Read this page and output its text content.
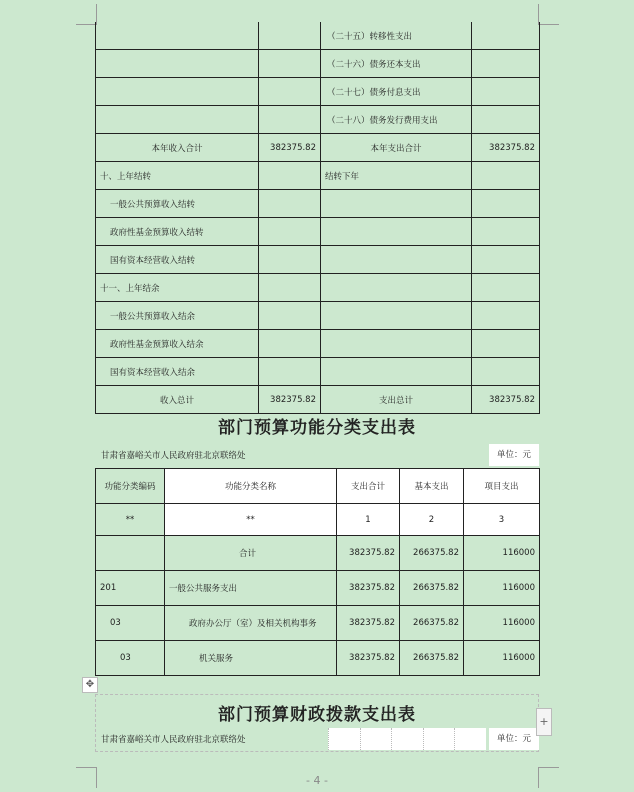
		（二十五）转移性支出	
		（二十六）债务还本支出	
		（二十七）债务付息支出	
		（二十八）债务发行费用支出	
本年收入合计	382375.82	本年支出合计	382375.82
十、上年结转		结转下年	
一般公共预算收入结转			
政府性基金预算收入结转			
国有资本经营收入结转			
十一、上年结余			
一般公共预算收入结余			
政府性基金预算收入结余			
国有资本经营收入结余			
收入总计	382375.82	支出总计	382375.82
部门预算功能分类支出表
甘肃省嘉峪关市人民政府驻北京联络处	单位：元
功能分类编码	功能分类名称	支出合计	基本支出	项目支出
**	**	1	2	3
	合计	382375.82	266375.82	116000
201	一般公共服务支出	382375.82	266375.82	116000
03	政府办公厅（室）及相关机构事务	382375.82	266375.82	116000
03	机关服务	382375.82	266375.82	116000
✥
部门预算财政拨款支出表
甘肃省嘉峪关市人民政府驻北京联络处	单位：元
+
- 4 -
